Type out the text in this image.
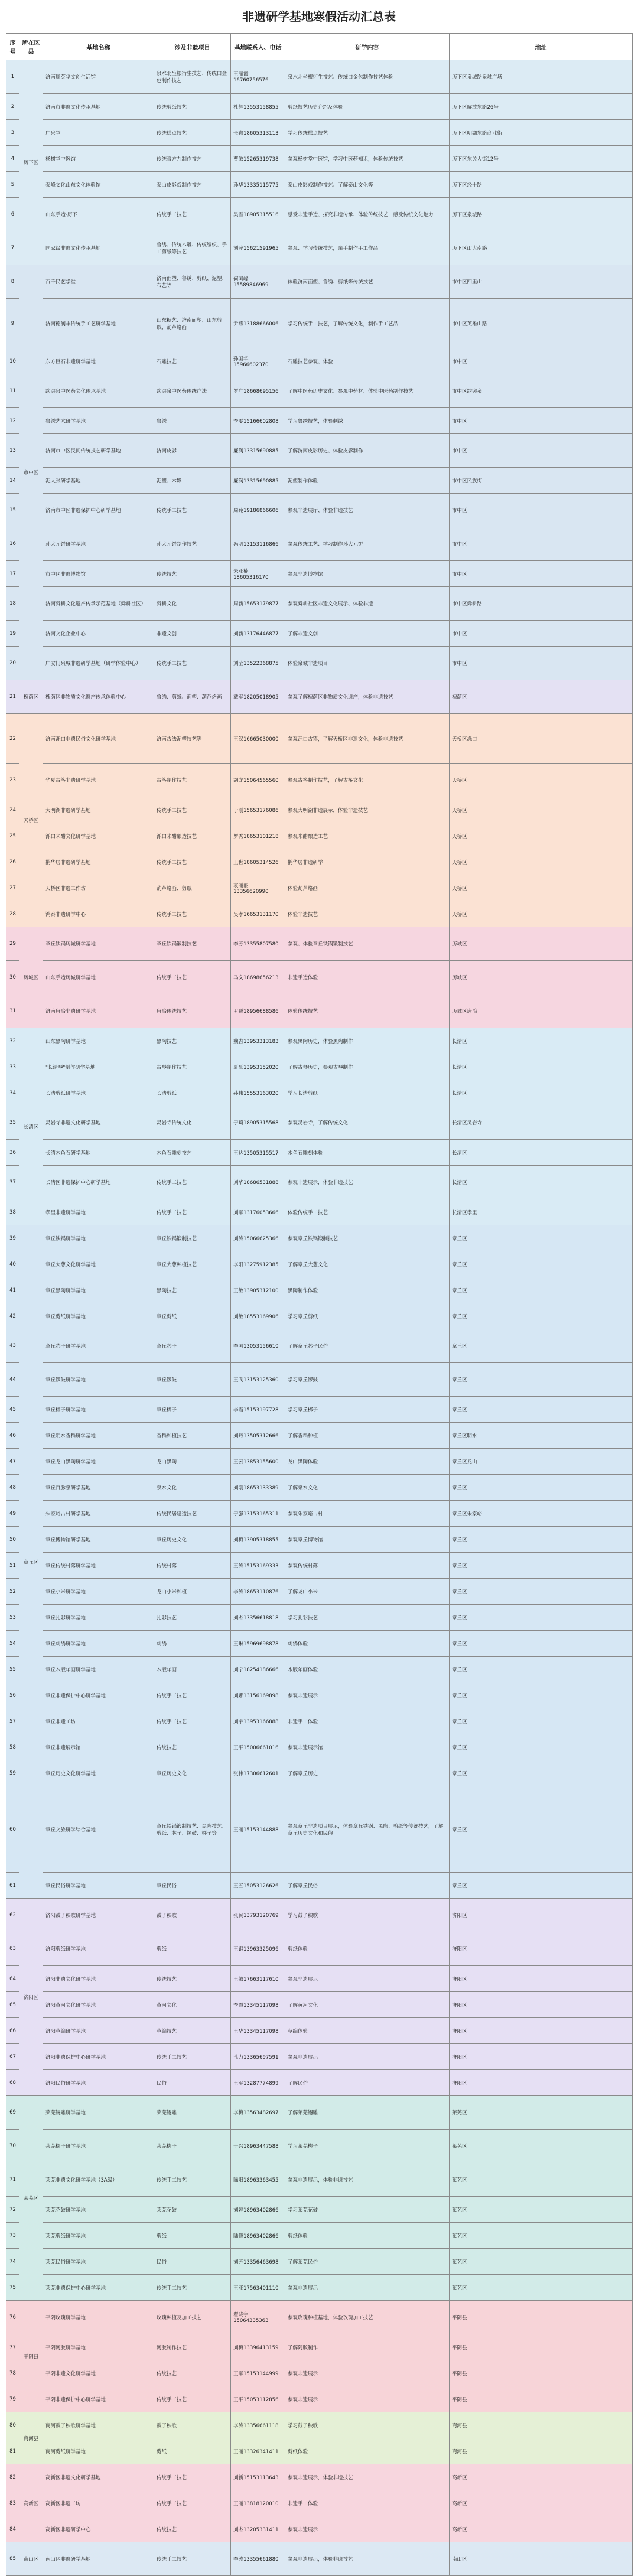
非遗研学基地寒假活动汇总表
序号	所在区县	基地名称	涉及非遗项目	基地联系人、电话	研学内容	地址
1	历下区	济南周英华文创生活馆	泉水北坐根衍生技艺、传统口金包制作技艺	王丽霞16760756576	泉水北坐根衍生技艺、传统口金包制作技艺体验	历下区泉城路泉城广场
2		济南市非遗文化传承基地	传统剪纸技艺	杜辉13553158855	剪纸技艺历史介绍及体验	历下区解放东路26号
3		广泉堂	传统糕点技艺	张鑫18605313113	学习传统糕点技艺	历下区明湖东路商业街
4		杨树堂中医馆	传统膏方九制作技艺	曹敏15265319738	参观杨树堂中医馆，学习中医药知识，体验传统技艺	历下区东关大街12号
5		泰峰文化山东文化体验馆	泰山皮影戏制作技艺	孙华13335115775	泰山皮影戏制作技艺、了解泰山文化等	历下区经十路
6		山东手造·历下	传统手工技艺	吴雪18905315516	感受非遗手造、探究非遗传承、体验传统技艺，感受传统文化魅力	历下区泉城路
7		国家级非遗文化传承基地	鲁绣、传统木雕、传统编织、手工剪纸等技艺	刘萍15621591965	参观、学习传统技艺，亲手制作手工作品	历下区山大南路
8	市中区	百千民艺学堂	济南面塑、鲁绣、剪纸、泥塑、布艺等	何国峰15589846969	体验济南面塑、鲁绣、剪纸等传统技艺	市中区四里山
9		济南德润丰传统手工艺研学基地	山东糖艺、济南面塑、山东剪纸、葫芦烙画	尹燕13188666006	学习传统手工技艺，了解传统文化，制作手工艺品	市中区英雄山路
10		东方巨石非遗研学基地	石雕技艺	孙国华15966602370	石雕技艺参观、体验	市中区
11		趵突泉中医药文化传承基地	趵突泉中医药传统疗法	罗广18668695156	了解中医药历史文化、参观中药材、体验中医药制作技艺	市中区趵突泉
12		鲁绣艺术研学基地	鲁绣	李雯15166602808	学习鲁绣技艺，体验刺绣	市中区
13		济南市中区民间传统技艺研学基地	济南皮影	廉润13315690885	了解济南皮影历史、体验皮影制作	市中区
14		泥人张研学基地	泥塑、木影	廉润13315690885	泥塑制作体验	市中区民族街
15		济南市中区非遗保护中心研学基地	传统手工技艺	周苑19186866606	参观非遗展厅、体验非遗技艺	市中区
16		孙大元饼研学基地	孙大元饼制作技艺	冯明13153116866	参观传统工艺、学习制作孙大元饼	市中区
17		市中区非遗博物馆	传统技艺	朱亚楠18605316170	参观非遗博物馆	市中区
18		济南舜耕文化遗产传承示范基地（舜耕社区）	舜耕文化	周新15653179877	参观舜耕社区非遗文化展示、体验非遗	市中区舜耕路
19		济南文化企业中心	非遗文创	刘新13176446877	了解非遗文创	市中区
20		广安门泉城非遗研学基地（研学体验中心）	传统手工技艺	刘莹13522368875	体验泉城非遗项目	市中区
21	槐荫区	槐荫区非物质文化遗产传承体验中心	鲁绣、剪纸、面塑、葫芦烙画	戴军18205018905	参观了解槐荫区非物质文化遗产，体验非遗技艺	槐荫区
22	天桥区	济南泺口非遗民俗文化研学基地	济南古法泥塑技艺等	王汉16665030000	参观泺口古镇，了解天桥区非遗文化，体验非遗技艺	天桥区泺口
23		华夏古筝非遗研学基地	古筝制作技艺	胡龙15064565560	参观古筝制作技艺，了解古筝文化	天桥区
24		大明湖非遗研学基地	传统手工技艺	于刚15653176086	参观大明湖非遗展示，体验非遗技艺	天桥区
25		泺口米醋文化研学基地	泺口米醋酿造技艺	罗秀18653101218	参观米醋酿造工艺	天桥区
26		鹊华居非遗研学基地	传统手工技艺	王世18605314526	鹊华居非遗研学	天桥区
27		天桥区非遗工作坊	葫芦烙画、剪纸	袁丽丽13356620990	体验葫芦烙画	天桥区
28		鸿泰非遗研学中心	传统手工技艺	吴孝16653131170	体验非遗技艺	天桥区
29	历城区	章丘铁锅历城研学基地	章丘铁锅锻制技艺	李芳13355807580	参观、体验章丘铁锅锻制技艺	历城区
30		山东手造历城研学基地	传统手工技艺	马文18698656213	非遗手造体验	历城区
31		济南唐冶非遗研学基地	唐冶传统技艺	尹鹏18956688586	体验传统技艺	历城区唐冶
32	长清区	山东黑陶研学基地	黑陶技艺	魏吉13953313183	参观黑陶历史，体验黑陶制作	长清区
33		"长清琴"制作研学基地	古琴制作技艺	夏乐13953152020	了解古琴历史，参观古琴制作	长清区
34		长清剪纸研学基地	长清剪纸	孙伟15553163020	学习长清剪纸	长清区
35		灵岩寺非遗文化研学基地	灵岩寺传统文化	于琦18905315568	参观灵岩寺，了解传统文化	长清区灵岩寺
36		长清木鱼石研学基地	木鱼石雕刻技艺	王达13505315517	木鱼石雕刻体验	长清区
37		长清区非遗保护中心研学基地	传统手工技艺	刘华18686531888	参观非遗展示，体验非遗技艺	长清区
38		孝里非遗研学基地	传统手工技艺	刘军13176053666	体验传统手工技艺	长清区孝里
39	章丘区	章丘铁锅研学基地	章丘铁锅锻制技艺	刘涛15066625366	参观章丘铁锅锻制技艺	章丘区
40		章丘大葱文化研学基地	章丘大葱种植技艺	李阳13275912385	了解章丘大葱文化	章丘区
41		章丘黑陶研学基地	黑陶技艺	王敏13905312100	黑陶制作体验	章丘区
42		章丘剪纸研学基地	章丘剪纸	刘敏18553169906	学习章丘剪纸	章丘区
43		章丘芯子研学基地	章丘芯子	李国13053156610	了解章丘芯子民俗	章丘区
44		章丘锣鼓研学基地	章丘锣鼓	王飞13153125360	学习章丘锣鼓	章丘区
45		章丘梆子研学基地	章丘梆子	李霞15153197728	学习章丘梆子	章丘区
46		章丘明水香稻研学基地	香稻种植技艺	刘丹13505312666	了解香稻种植	章丘区明水
47		章丘龙山黑陶研学基地	龙山黑陶	王云13853155600	龙山黑陶体验	章丘区龙山
48		章丘百脉泉研学基地	泉水文化	刘刚18653133389	了解泉水文化	章丘区
49		朱家峪古村研学基地	传统民居建造技艺	于强13153165311	参观朱家峪古村	章丘区朱家峪
50		章丘博物馆研学基地	章丘历史文化	刘梅13905318855	参观章丘博物馆	章丘区
51		章丘传统村落研学基地	传统村落	王涛15153169333	参观传统村落	章丘区
52		章丘小米研学基地	龙山小米种植	李涛18653110876	了解龙山小米	章丘区
53		章丘扎彩研学基地	扎彩技艺	刘杰13356618818	学习扎彩技艺	章丘区
54		章丘刺绣研学基地	刺绣	王琳15969698878	刺绣体验	章丘区
55		章丘木版年画研学基地	木版年画	刘宁18254186666	木版年画体验	章丘区
56		章丘非遗保护中心研学基地	传统手工技艺	刘娜13156169898	参观非遗展示	章丘区
57		章丘非遗工坊	传统手工技艺	刘宇13953166888	非遗手工体验	章丘区
58		章丘非遗展示馆	传统技艺	王平15006661016	参观非遗展示馆	章丘区
59		章丘历史文化研学基地	章丘历史文化	张伟17306612601	了解章丘历史	章丘区
60		章丘文旅研学综合基地	章丘铁锅锻制技艺、黑陶技艺、剪纸、芯子、锣鼓、梆子等	王丽15153144888	参观章丘非遗项目展示，体验章丘铁锅、黑陶、剪纸等传统技艺，了解章丘历史文化和民俗	章丘区
61		章丘民俗研学基地	章丘民俗	王五15053126626	了解章丘民俗	章丘区
62	济阳区	济阳鼓子秧歌研学基地	鼓子秧歌	张民13793120769	学习鼓子秧歌	济阳区
63		济阳剪纸研学基地	剪纸	王钢13963325096	剪纸体验	济阳区
64		济阳非遗文化研学基地	传统技艺	王敏17663117610	参观非遗展示	济阳区
65		济阳黄河文化研学基地	黄河文化	李霞13345117098	了解黄河文化	济阳区
66		济阳草编研学基地	草编技艺	王华13345117098	草编体验	济阳区
67		济阳非遗保护中心研学基地	传统手工技艺	孔力13365697591	参观非遗展示	济阳区
68		济阳民俗研学基地	民俗	王军13287774899	了解民俗	济阳区
69	莱芜区	莱芜锡雕研学基地	莱芜锡雕	李梅13563482697	了解莱芜锡雕	莱芜区
70		莱芜梆子研学基地	莱芜梆子	于兴18963447588	学习莱芜梆子	莱芜区
71		莱芜非遗文化研学基地（3A级）	传统手工技艺	陈阳18963363455	参观非遗展示，体验非遗技艺	莱芜区
72		莱芜花鼓研学基地	莱芜花鼓	刘婷18963402866	学习莱芜花鼓	莱芜区
73		莱芜剪纸研学基地	剪纸	陆鹏18963402866	剪纸体验	莱芜区
74		莱芜民俗研学基地	民俗	刘芳13356463698	了解莱芜民俗	莱芜区
75		莱芜非遗保护中心研学基地	传统手工技艺	王亚17563401110	参观非遗展示	莱芜区
76	平阴县	平阴玫瑰研学基地	玫瑰种植及加工技艺	翟晓宇15064335363	参观玫瑰种植基地，体验玫瑰加工技艺	平阴县
77		平阴阿胶研学基地	阿胶制作技艺	刘梅13396413159	了解阿胶制作	平阴县
78		平阴非遗文化研学基地	传统技艺	王军15153144999	参观非遗展示	平阴县
79		平阴非遗保护中心研学基地	传统手工技艺	王平15053112856	参观非遗展示	平阴县
80	商河县	商河鼓子秧歌研学基地	鼓子秧歌	李涛13356661118	学习鼓子秧歌	商河县
81		商河剪纸研学基地	剪纸	王丽13326341411	剪纸体验	商河县
82	高新区	高新区非遗文化研学基地	传统手工技艺	刘新15153113643	参观非遗展示，体验非遗技艺	高新区
83		高新区非遗工坊	传统手工技艺	王丽13818120010	非遗手工体验	高新区
84		高新区非遗研学中心	传统技艺	刘杰13205331411	参观非遗展示	高新区
85	南山区	南山区非遗研学基地	传统手工技艺	李涛13355661880	参观非遗展示，体验非遗技艺	南山区
